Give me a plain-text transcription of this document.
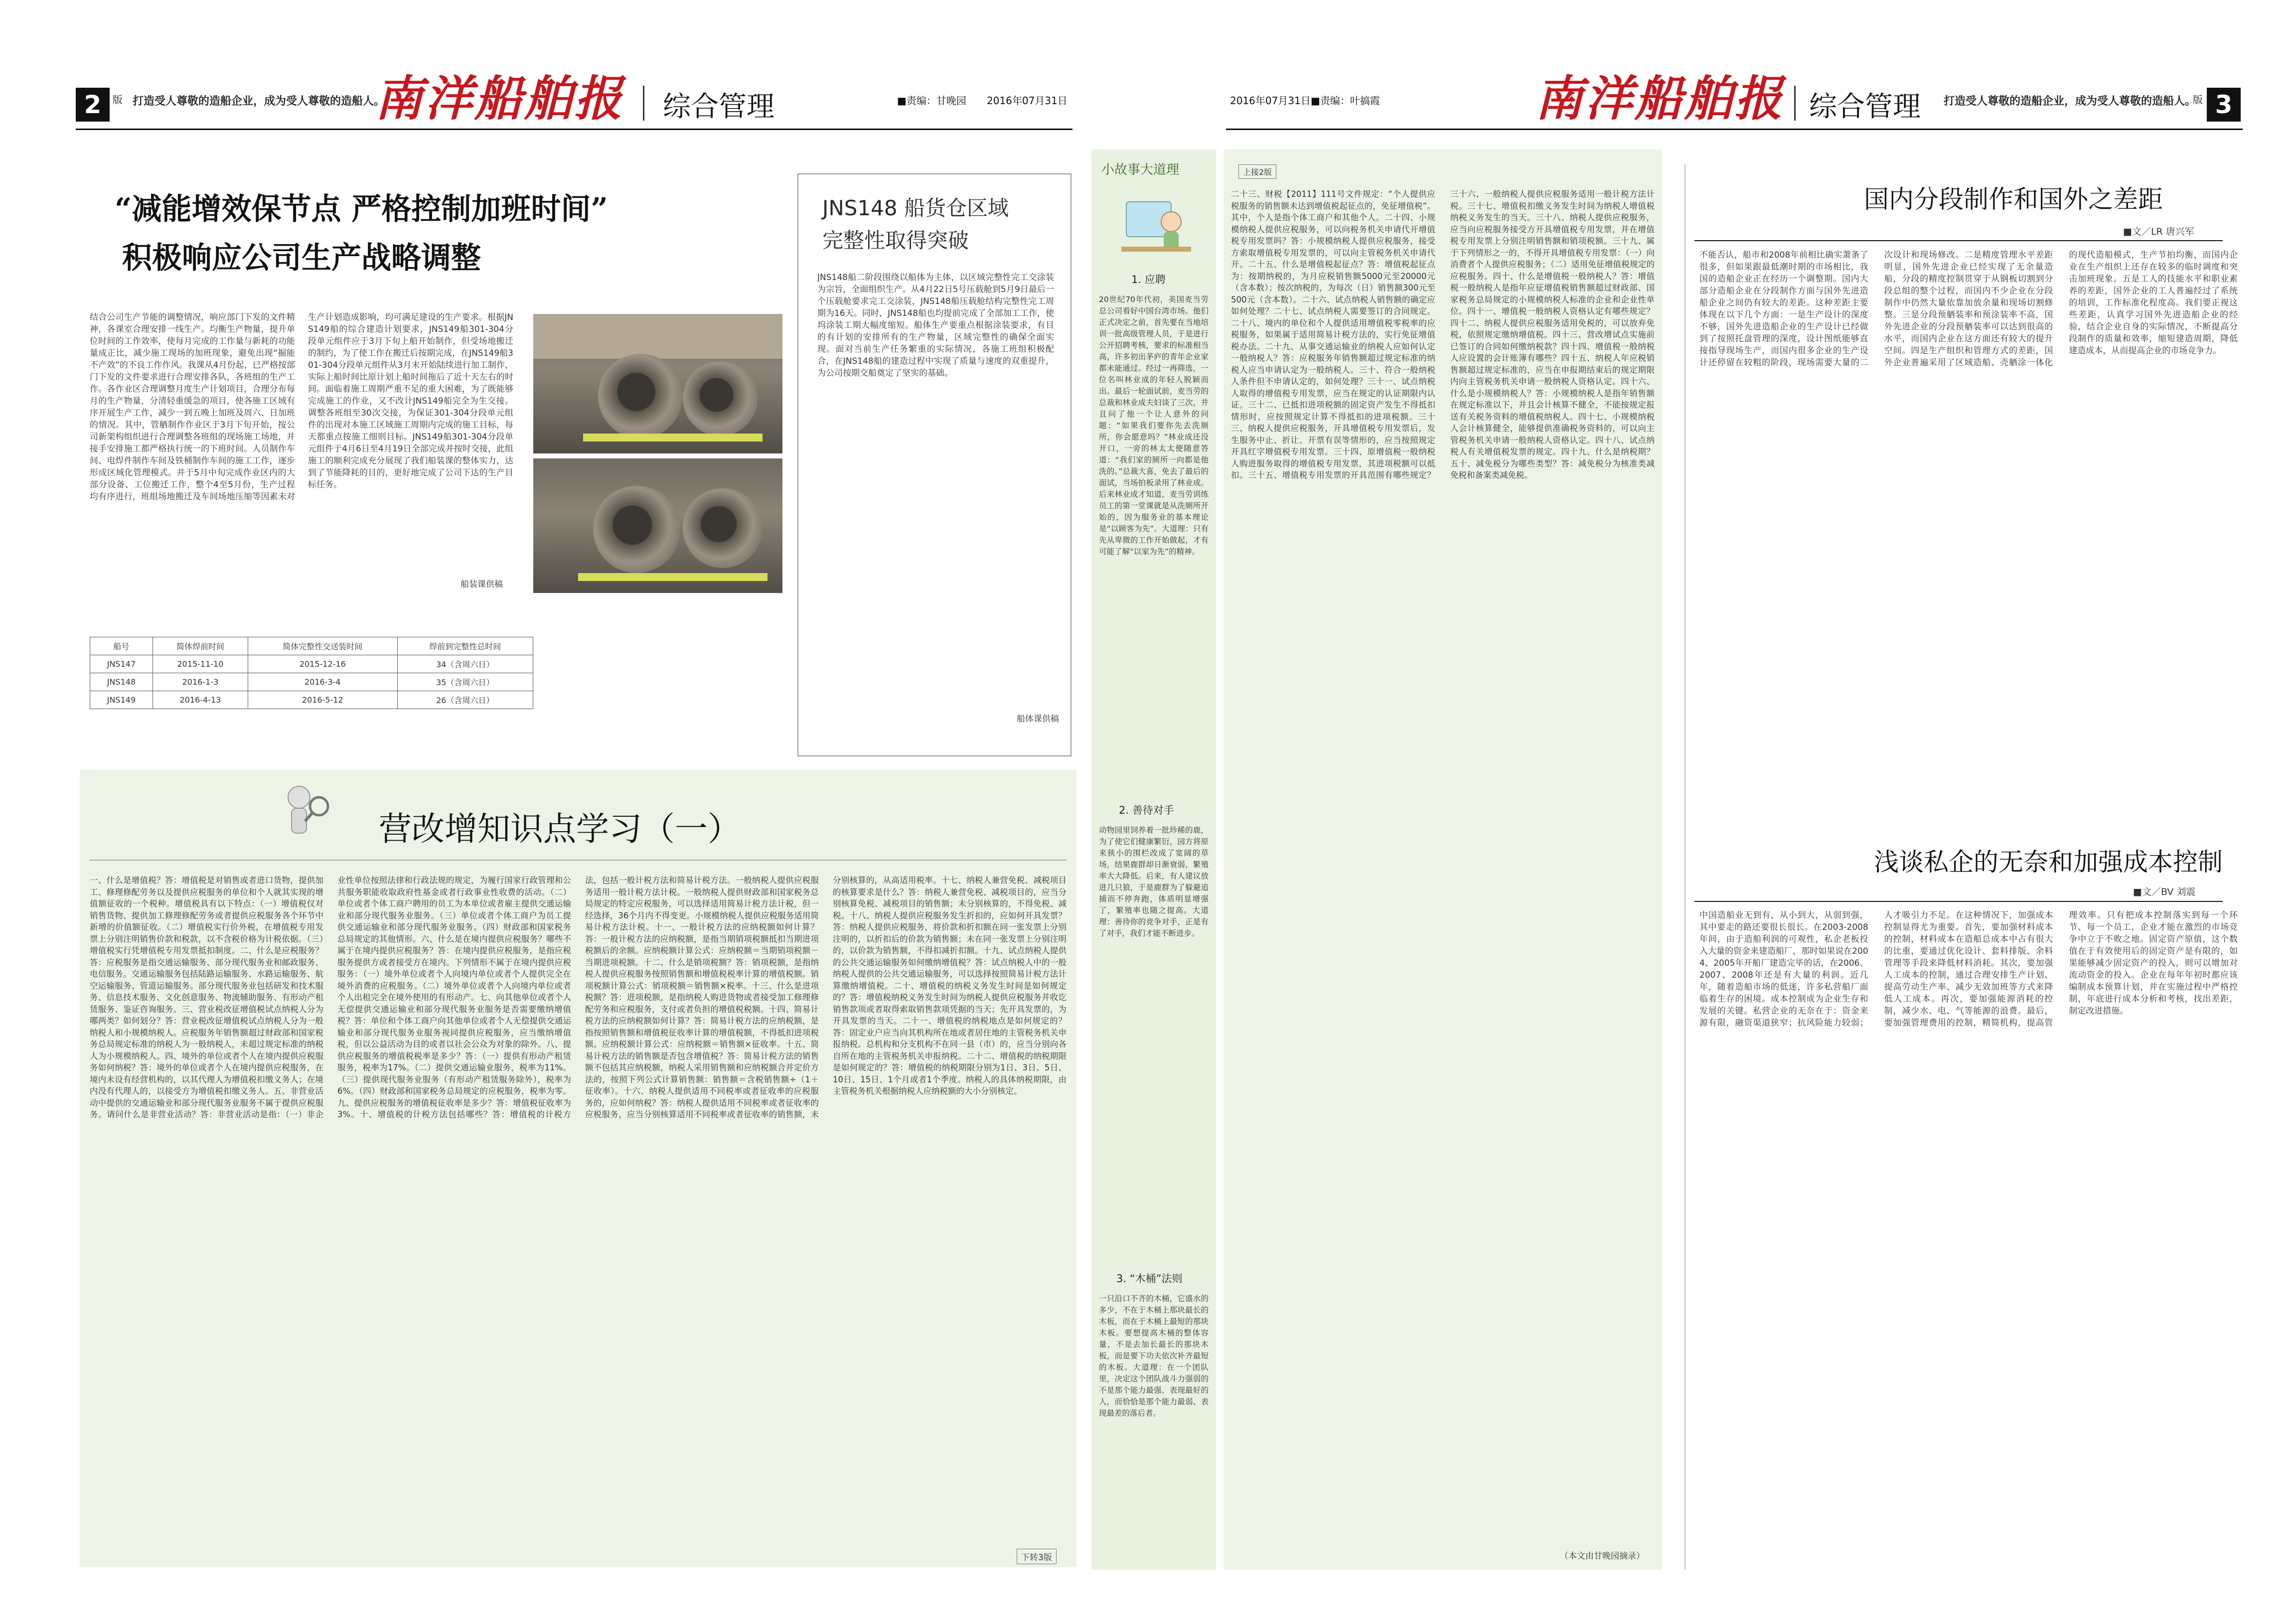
2	版 打造受人尊敬的造船企业，成为受人尊敬的造船人。
南洋船舶报 综合管理	■责编：甘晚园 2016年07月31日	2016年07月31日 ■责编：叶搞霞	南洋船舶报 综合管理 打造受人尊敬的造船企业，成为受人尊敬的造船人。
版 3
“减能增效保节点 严格控制加班时间”
积极响应公司生产战略调整
结合公司生产节能的调整情况，响应部门下发的文件精神，各课室合理安排一线生产。均衡生产物量，提升单位时间的工作效率，使每月完成的工作量与新耗的功能量成正比，减少施工现场的加班现象，避免出现“掘能不产效”的不良工作作风。我课从4月份起，已严格按部门下发的文件要求进行合理安排各队，各班组的生产工作。各作业区合理调整月度生产计划项目，合理分布每月的生产物量，分清轻重缓急的项目，使各施工区域有序开展生产工作，减少一到五晚上加班及周六、日加班的情况。其中，管舾制作作业区于3月下旬开始，按公司新架构组织进行合理调整各班组的现场施工场地，并接手安排施工都严格执行统一的下班时间。人员制作车间、电焊件制作车间及铁桶制作车间的施工工作，逐步形成区域化管理模式。并于5月中旬完成作业区内的大部分设备、工位搬迁工作，整个4至5月份，生产过程均有序进行，班组场地搬迁及车间场地压缩等因素未对生产计划造成影响，均可满足建设的生产要求。根据JNS149船的综合建造计划要求，JNS149船301-304分段单元组件应于3月下旬上船开始制作，但受场地搬迁的制约，为了使工作在搬迁后按期完成，在JNS149船301-304分段单元组件从3月末开始陆续进行加工制作，实际上船时间比原计划上船时间拖后了近十天左右的时间。面临着施工周期严重不足的重大困难，为了既能够完成施工的作业，又不改计JNS149船完全为生交接。调整各班组至30次交接，为保证301-304分段单元组件的出现对本施工区域施工周期内完成的施工目标，每天都重点按施工细则目标。JNS149船301-304分段单元组件于4月6日至4月19日全部完成并按时交接，此组施工的顺利完成充分展现了我们船装课的整体实力，达到了节能降耗的目的，更好地完成了公司下达的生产目标任务。
船装课供稿
船号	简体焊前时间	简体完整性交送装时间	焊前到完整性总时间
JNS147	2015-11-10	2015-12-16	34（含周六日）
JNS148	2016-1-3	2016-3-4	35（含周六日）
JNS149	2016-4-13	2016-5-12	26（含周六日）
JNS148 船货仓区域
完整性取得突破
JNS148船二阶段围绕以船体为主体，以区域完整性完工交涂装为宗旨，全面组织生产。从4月22日5号压载舱到5月9日最后一个压载舱要求完工交涂装，JNS148船压载舱结构完整性完工周期为16天。同时，JNS148船也均提前完成了全部加工工作，使坞涂装工期大幅度缩短。船体生产要重点根据涂装要求，有目的有计划的安排所有的生产物量，区域完整性的确保全面实现。面对当前生产任务繁重的实际情况，各施工班组积极配合，在JNS148船的建造过程中实现了质量与速度的双重提升，为公司按期交船奠定了坚实的基础。
船体课供稿
营改增知识点学习（一）
一、什么是增值税？答：增值税是对销售或者进口货物，提供加工、修理修配劳务以及提供应税服务的单位和个人就其实现的增值额征收的一个税种。增值税具有以下特点：（一）增值税仅对销售货物、提供加工修理修配劳务或者提供应税服务各个环节中新增的价值额征收。（二）增值税实行价外税，在增值税专用发票上分别注明销售价款和税款，以不含税价格为计税依据。（三）增值税实行凭增值税专用发票抵扣制度。二、什么是应税服务？答：应税服务是指交通运输服务、部分现代服务业和邮政服务、电信服务。交通运输服务包括陆路运输服务、水路运输服务、航空运输服务、管道运输服务。部分现代服务业包括研发和技术服务、信息技术服务、文化创意服务、物流辅助服务、有形动产租赁服务、鉴证咨询服务。三、营业税改征增值税试点纳税人分为哪两类？如何划分？答：营业税改征增值税试点纳税人分为一般纳税人和小规模纳税人。应税服务年销售额超过财政部和国家税务总局规定标准的纳税人为一般纳税人，未超过规定标准的纳税人为小规模纳税人。四、境外的单位或者个人在境内提供应税服务如何纳税？答：境外的单位或者个人在境内提供应税服务，在境内未设有经营机构的，以其代理人为增值税扣缴义务人；在境内没有代理人的，以接受方为增值税扣缴义务人。五、非营业活动中提供的交通运输业和部分现代服务业服务不属于提供应税服务。请问什么是非营业活动？答：非营业活动是指：（一）非企业性单位按照法律和行政法规的规定，为履行国家行政管理和公共服务职能收取政府性基金或者行政事业性收费的活动。（二）单位或者个体工商户聘用的员工为本单位或者雇主提供交通运输业和部分现代服务业服务。（三）单位或者个体工商户为员工提供交通运输业和部分现代服务业服务。（四）财政部和国家税务总局规定的其他情形。六、什么是在境内提供应税服务？哪些不属于在境内提供应税服务？答：在境内提供应税服务，是指应税服务提供方或者接受方在境内。下列情形不属于在境内提供应税服务：（一）境外单位或者个人向境内单位或者个人提供完全在境外消费的应税服务。（二）境外单位或者个人向境内单位或者个人出租完全在境外使用的有形动产。七、向其他单位或者个人无偿提供交通运输业和部分现代服务业服务是否需要缴纳增值税？答：单位和个体工商户向其他单位或者个人无偿提供交通运输业和部分现代服务业服务视同提供应税服务，应当缴纳增值税，但以公益活动为目的或者以社会公众为对象的除外。八、提供应税服务的增值税税率是多少？答：（一）提供有形动产租赁服务，税率为17%。（二）提供交通运输业服务，税率为11%。（三）提供现代服务业服务（有形动产租赁服务除外），税率为6%。（四）财政部和国家税务总局规定的应税服务，税率为零。九、提供应税服务的增值税征收率是多少？答：增值税征收率为3%。十、增值税的计税方法包括哪些？答：增值税的计税方法，包括一般计税方法和简易计税方法。一般纳税人提供应税服务适用一般计税方法计税。一般纳税人提供财政部和国家税务总局规定的特定应税服务，可以选择适用简易计税方法计税，但一经选择，36个月内不得变更。小规模纳税人提供应税服务适用简易计税方法计税。十一、一般计税方法的应纳税额如何计算？答：一般计税方法的应纳税额，是指当期销项税额抵扣当期进项税额后的余额。应纳税额计算公式：应纳税额＝当期销项税额－当期进项税额。十二、什么是销项税额？答：销项税额，是指纳税人提供应税服务按照销售额和增值税税率计算的增值税额。销项税额计算公式：销项税额＝销售额×税率。十三、什么是进项税额？答：进项税额，是指纳税人购进货物或者接受加工修理修配劳务和应税服务，支付或者负担的增值税税额。十四、简易计税方法的应纳税额如何计算？答：简易计税方法的应纳税额，是指按照销售额和增值税征收率计算的增值税额，不得抵扣进项税额。应纳税额计算公式：应纳税额＝销售额×征收率。十五、简易计税方法的销售额是否包含增值税？答：简易计税方法的销售额不包括其应纳税额，纳税人采用销售额和应纳税额合并定价方法的，按照下列公式计算销售额：销售额＝含税销售额÷（1＋征收率）。十六、纳税人提供适用不同税率或者征收率的应税服务的，应如何纳税？答：纳税人提供适用不同税率或者征收率的应税服务，应当分别核算适用不同税率或者征收率的销售额，未分别核算的，从高适用税率。十七、纳税人兼营免税、减税项目的核算要求是什么？答：纳税人兼营免税、减税项目的，应当分别核算免税、减税项目的销售额；未分别核算的，不得免税、减税。十八、纳税人提供应税服务发生折扣的，应如何开具发票？答：纳税人提供应税服务，将价款和折扣额在同一张发票上分别注明的，以折扣后的价款为销售额；未在同一张发票上分别注明的，以价款为销售额，不得扣减折扣额。十九、试点纳税人提供的公共交通运输服务如何缴纳增值税？答：试点纳税人中的一般纳税人提供的公共交通运输服务，可以选择按照简易计税方法计算缴纳增值税。二十、增值税的纳税义务发生时间是如何规定的？答：增值税纳税义务发生时间为纳税人提供应税服务并收讫销售款项或者取得索取销售款项凭据的当天；先开具发票的，为开具发票的当天。二十一、增值税的纳税地点是如何规定的？答：固定业户应当向其机构所在地或者居住地的主管税务机关申报纳税。总机构和分支机构不在同一县（市）的，应当分别向各自所在地的主管税务机关申报纳税。二十二、增值税的纳税期限是如何规定的？答：增值税的纳税期限分别为1日、3日、5日、10日、15日、1个月或者1个季度。纳税人的具体纳税期限，由主管税务机关根据纳税人应纳税额的大小分别核定。
下转3版
小故事大道理
1. 应聘
20世纪70年代初，美国麦当劳总公司看好中国台湾市场。他们正式决定之前，首先要在当地培训一批高级管理人员，于是进行公开招聘考核，要求的标准相当高，许多初出茅庐的青年企业家都未能通过。经过一再筛选，一位名叫林业成的年轻人脱颖而出。最后一轮面试前，麦当劳的总裁和林业成夫妇谈了三次，并且问了他一个让人意外的问题：“如果我们要你先去洗厕所，你会愿意吗？”林业成还没开口，一旁的林太太便随意答道：“我们家的厕所一向都是他洗的。”总裁大喜，免去了最后的面试，当场拍板录用了林业成。后来林业成才知道，麦当劳训练员工的第一堂课就是从洗厕所开始的，因为服务业的基本理论是“以顾客为先”。大道理：只有先从卑微的工作开始做起，才有可能了解“以家为先”的精神。
2. 善待对手
动物园里饲养着一批珍稀的鹿，为了使它们健康繁衍，园方将原来狭小的围栏改成了宽阔的草场，结果鹿群却日渐衰弱，繁殖率大大降低。后来，有人建议放进几只狼，于是鹿群为了躲避追捕而不停奔跑，体质明显增强了，繁殖率也随之提高。大道理：善待你的竞争对手，正是有了对手，我们才能不断进步。
3. “木桶”法则
一只沿口不齐的木桶，它盛水的多少，不在于木桶上那块最长的木板，而在于木桶上最短的那块木板。要想提高木桶的整体容量，不是去加长最长的那块木板，而是要下功夫依次补齐最短的木板。大道理：在一个团队里，决定这个团队战斗力强弱的不是那个能力最强、表现最好的人，而恰恰是那个能力最弱、表现最差的落后者。
上接2版
二十三、财税【2011】111号文件规定：“个人提供应税服务的销售额未达到增值税起征点的，免征增值税”。其中，个人是指个体工商户和其他个人。二十四、小规模纳税人提供应税服务，可以向税务机关申请代开增值税专用发票吗？答：小规模纳税人提供应税服务，接受方索取增值税专用发票的，可以向主管税务机关申请代开。二十五、什么是增值税起征点？答：增值税起征点为：按期纳税的，为月应税销售额5000元至20000元（含本数）；按次纳税的，为每次（日）销售额300元至500元（含本数）。二十六、试点纳税人销售额的确定应如何处理？二十七、试点纳税人需要签订的合同规定。二十八、境内的单位和个人提供适用增值税零税率的应税服务，如果属于适用简易计税方法的，实行免征增值税办法。二十九、从事交通运输业的纳税人应如何认定一般纳税人？答：应税服务年销售额超过规定标准的纳税人应当申请认定为一般纳税人。三十、符合一般纳税人条件但不申请认定的，如何处理？三十一、试点纳税人取得的增值税专用发票，应当在规定的认证期限内认证。三十二、已抵扣进项税额的固定资产发生不得抵扣情形时，应按照规定计算不得抵扣的进项税额。三十三、纳税人提供应税服务，开具增值税专用发票后，发生服务中止、折让、开票有误等情形的，应当按照规定开具红字增值税专用发票。三十四、原增值税一般纳税人购进服务取得的增值税专用发票，其进项税额可以抵扣。三十五、增值税专用发票的开具范围有哪些规定？三十六、一般纳税人提供应税服务适用一般计税方法计税。三十七、增值税扣缴义务发生时间为纳税人增值税纳税义务发生的当天。三十八、纳税人提供应税服务，应当向应税服务接受方开具增值税专用发票，并在增值税专用发票上分别注明销售额和销项税额。三十九、属于下列情形之一的，不得开具增值税专用发票：（一）向消费者个人提供应税服务；（二）适用免征增值税规定的应税服务。四十、什么是增值税一般纳税人？答：增值税一般纳税人是指年应征增值税销售额超过财政部、国家税务总局规定的小规模纳税人标准的企业和企业性单位。四十一、增值税一般纳税人资格认定有哪些规定？四十二、纳税人提供应税服务适用免税的，可以放弃免税，依照规定缴纳增值税。四十三、营改增试点实施前已签订的合同如何缴纳税款？四十四、增值税一般纳税人应设置的会计账簿有哪些？四十五、纳税人年应税销售额超过规定标准的，应当在申报期结束后的规定期限内向主管税务机关申请一般纳税人资格认定。四十六、什么是小规模纳税人？答：小规模纳税人是指年销售额在规定标准以下，并且会计核算不健全，不能按规定报送有关税务资料的增值税纳税人。四十七、小规模纳税人会计核算健全，能够提供准确税务资料的，可以向主管税务机关申请一般纳税人资格认定。四十八、试点纳税人有关增值税发票的规定。四十九、什么是纳税期？五十、减免税分为哪些类型？答：减免税分为核准类减免税和备案类减免税。
（本文由甘晚园摘录）
国内分段制作和国外之差距
■文／LR 唐兴军
不能否认，船市和2008年前相比确实萧条了很多，但如果跟最低潮时期的市场相比，我国的造船企业正在经历一个调整期。国内大部分造船企业在分段制作方面与国外先进造船企业之间仍有较大的差距。这种差距主要体现在以下几个方面：一是生产设计的深度不够，国外先进造船企业的生产设计已经做到了按照托盘管理的深度，设计图纸能够直接指导现场生产，而国内很多企业的生产设计还停留在较粗的阶段，现场需要大量的二次设计和现场修改。二是精度管理水平差距明显，国外先进企业已经实现了无余量造船，分段的精度控制贯穿于从钢板切割到分段总组的整个过程，而国内不少企业在分段制作中仍然大量依靠加放余量和现场切割修整。三是分段预舾装率和预涂装率不高，国外先进企业的分段预舾装率可以达到很高的水平，而国内企业在这方面还有较大的提升空间。四是生产组织和管理方式的差距，国外企业普遍采用了区域造船、壳舾涂一体化的现代造船模式，生产节拍均衡，而国内企业在生产组织上还存在较多的临时调度和突击加班现象。五是工人的技能水平和职业素养的差距，国外企业的工人普遍经过了系统的培训，工作标准化程度高。我们要正视这些差距，认真学习国外先进造船企业的经验，结合企业自身的实际情况，不断提高分段制作的质量和效率，缩短建造周期，降低建造成本，从而提高企业的市场竞争力。
浅谈私企的无奈和加强成本控制
■文／BV 刘震
中国造船业无到有，从小到大，从弱到强，其中要走的路还要很长很长。在2003-2008年间，由于造船利润的可观性，私企老板投入大量的资金来建造船厂，那时如果说在2004、2005年开船厂建造完毕的话，在2006、2007、2008年还是有大量的利润。近几年，随着造船市场的低迷，许多私营船厂面临着生存的困境。成本控制成为企业生存和发展的关键。私营企业的无奈在于：资金来源有限，融资渠道狭窄；抗风险能力较弱；人才吸引力不足。在这种情况下，加强成本控制显得尤为重要。首先，要加强材料成本的控制，材料成本在造船总成本中占有很大的比重，要通过优化设计、套料排版、余料管理等手段来降低材料消耗。其次，要加强人工成本的控制，通过合理安排生产计划、提高劳动生产率、减少无效加班等方式来降低人工成本。再次，要加强能源消耗的控制，减少水、电、气等能源的浪费。最后，要加强管理费用的控制，精简机构，提高管理效率。只有把成本控制落实到每一个环节、每一个员工，企业才能在激烈的市场竞争中立于不败之地。固定资产原值，这个数值在于有效使用后的固定资产是有限的，如果能够减少固定资产的投入，则可以增加对流动资金的投入。企业在每年年初时都应该编制成本预算计划，并在实施过程中严格控制，年底进行成本分析和考核，找出差距，制定改进措施。
